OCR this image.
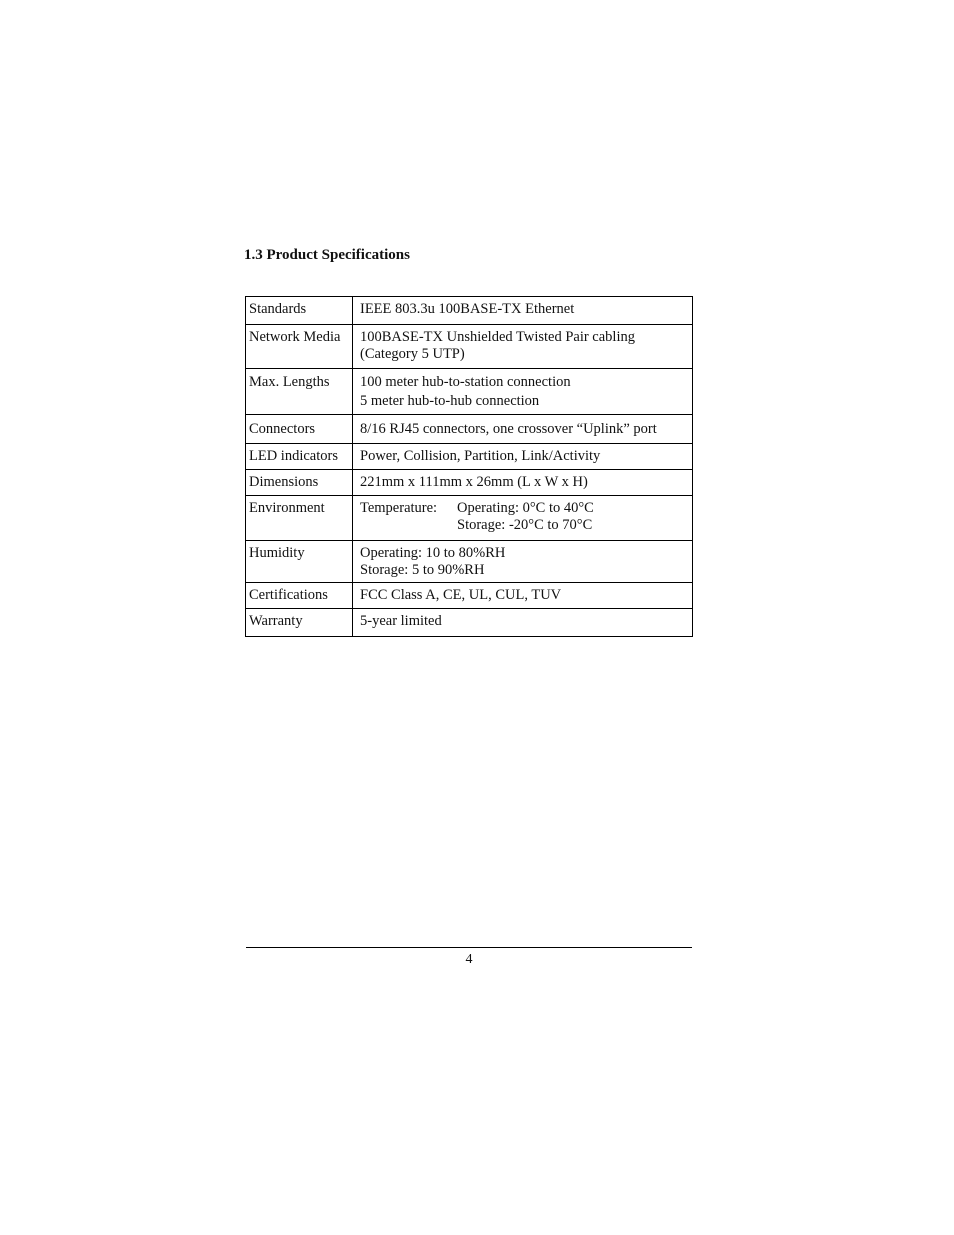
1.3 Product Specifications
Standards	IEEE 803.3u 100BASE-TX Ethernet

Network Media	100BASE-TX Unshielded Twisted Pair cabling
(Category 5 UTP)

Max. Lengths	100 meter hub-to-station connection
5 meter hub-to-hub connection

Connectors	8/16 RJ45 connectors, one crossover “Uplink” port

LED indicators	Power, Collision, Partition, Link/Activity

Dimensions	221mm x 111mm x 26mm (L x W x H)

Environment	Temperature: Operating: 0°C to 40°C
Storage: -20°C to 70°C

Humidity	Operating: 10 to 80%RH
Storage: 5 to 90%RH

Certifications	FCC Class A, CE, UL, CUL, TUV

Warranty	5-year limited
4
